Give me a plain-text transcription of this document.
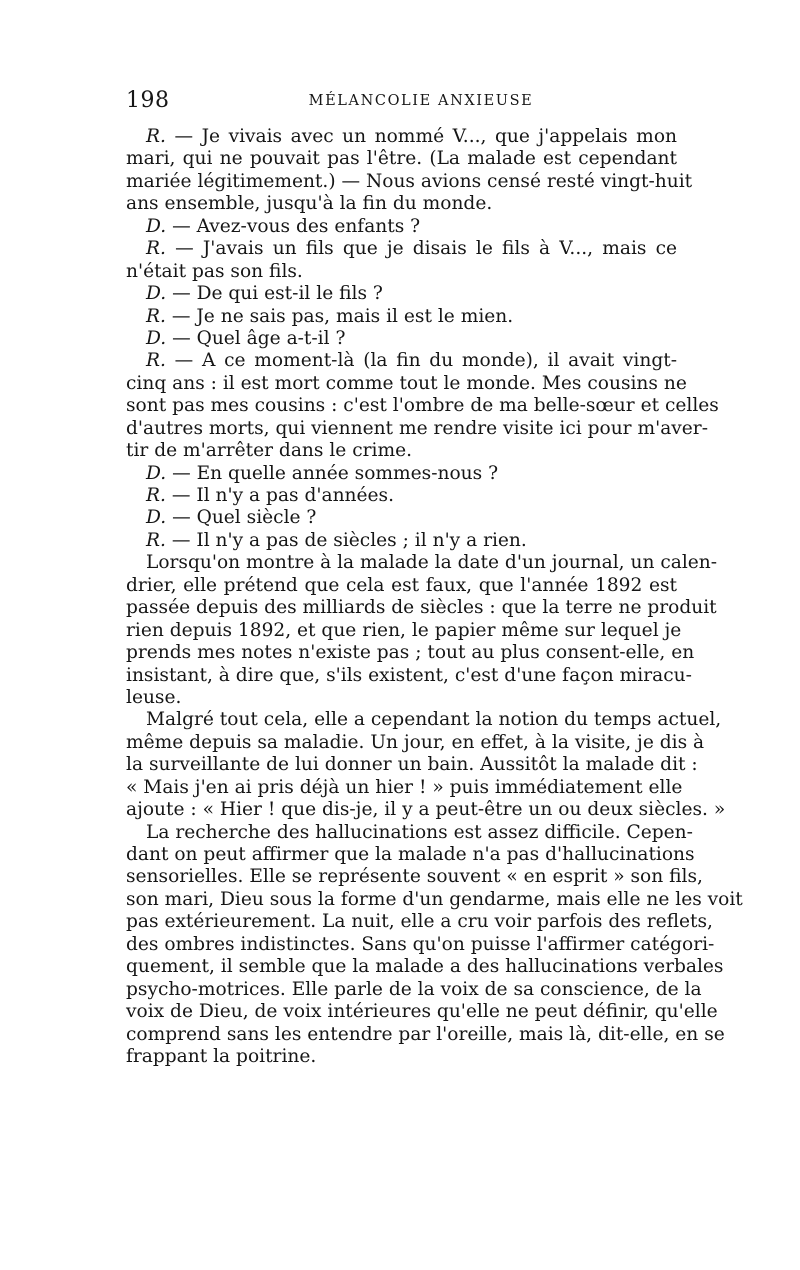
198	MÉLANCOLIE ANXIEUSE
R. — Je vivais avec un nommé V..., que j'appelais mon
mari, qui ne pouvait pas l'être. (La malade est cependant
mariée légitimement.) — Nous avions censé resté vingt-huit
ans ensemble, jusqu'à la fin du monde.
D. — Avez-vous des enfants ?
R. — J'avais un fils que je disais le fils à V..., mais ce
n'était pas son fils.
D. — De qui est-il le fils ?
R. — Je ne sais pas, mais il est le mien.
D. — Quel âge a-t-il ?
R. — A ce moment-là (la fin du monde), il avait vingt-
cinq ans : il est mort comme tout le monde. Mes cousins ne
sont pas mes cousins : c'est l'ombre de ma belle-sœur et celles
d'autres morts, qui viennent me rendre visite ici pour m'aver-
tir de m'arrêter dans le crime.
D. — En quelle année sommes-nous ?
R. — Il n'y a pas d'années.
D. — Quel siècle ?
R. — Il n'y a pas de siècles ; il n'y a rien.
Lorsqu'on montre à la malade la date d'un journal, un calen-
drier, elle prétend que cela est faux, que l'année 1892 est
passée depuis des milliards de siècles : que la terre ne produit
rien depuis 1892, et que rien, le papier même sur lequel je
prends mes notes n'existe pas ; tout au plus consent-elle, en
insistant, à dire que, s'ils existent, c'est d'une façon miracu-
leuse.
Malgré tout cela, elle a cependant la notion du temps actuel,
même depuis sa maladie. Un jour, en effet, à la visite, je dis à
la surveillante de lui donner un bain. Aussitôt la malade dit :
« Mais j'en ai pris déjà un hier ! » puis immédiatement elle
ajoute : « Hier ! que dis-je, il y a peut-être un ou deux siècles. »
La recherche des hallucinations est assez difficile. Cepen-
dant on peut affirmer que la malade n'a pas d'hallucinations
sensorielles. Elle se représente souvent « en esprit » son fils,
son mari, Dieu sous la forme d'un gendarme, mais elle ne les voit
pas extérieurement. La nuit, elle a cru voir parfois des reflets,
des ombres indistinctes. Sans qu'on puisse l'affirmer catégori-
quement, il semble que la malade a des hallucinations verbales
psycho-motrices. Elle parle de la voix de sa conscience, de la
voix de Dieu, de voix intérieures qu'elle ne peut définir, qu'elle
comprend sans les entendre par l'oreille, mais là, dit-elle, en se
frappant la poitrine.
